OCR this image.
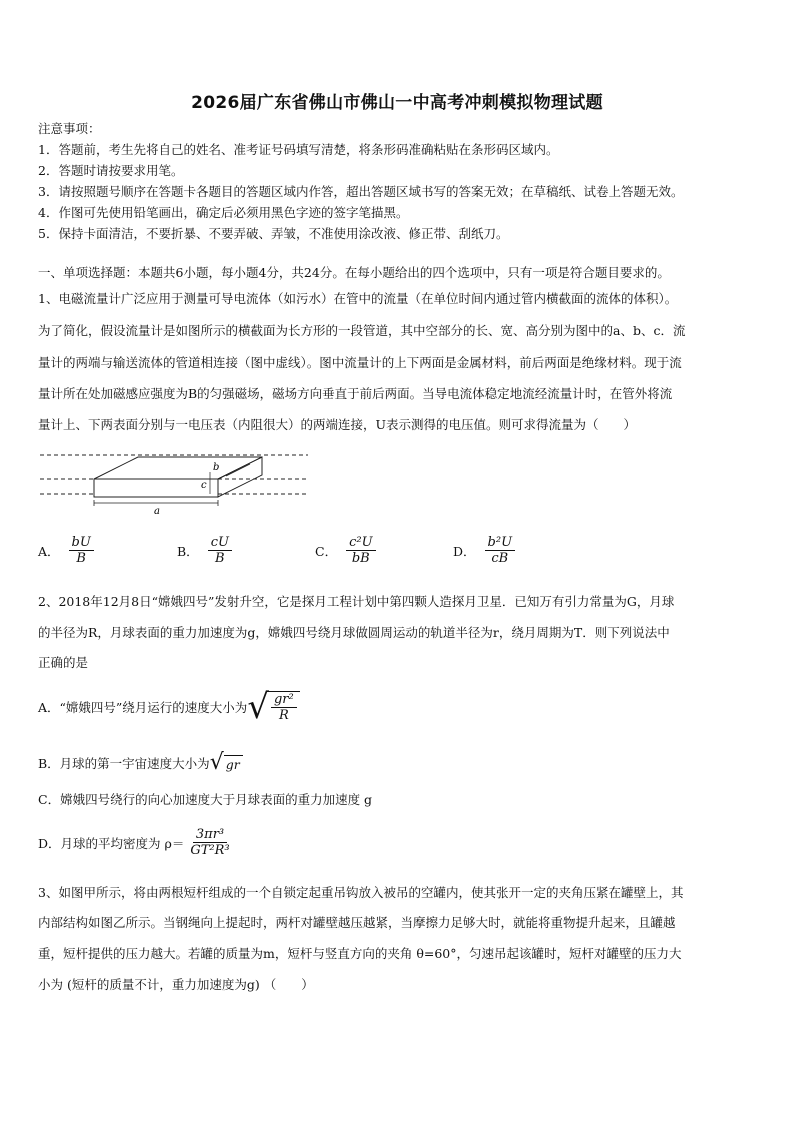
2026届广东省佛山市佛山一中高考冲刺模拟物理试题
注意事项：
1．答题前，考生先将自己的姓名、准考证号码填写清楚，将条形码准确粘贴在条形码区域内。
2．答题时请按要求用笔。
3．请按照题号顺序在答题卡各题目的答题区域内作答，超出答题区域书写的答案无效；在草稿纸、试卷上答题无效。
4．作图可先使用铅笔画出，确定后必须用黑色字迹的签字笔描黑。
5．保持卡面清洁，不要折暴、不要弄破、弄皱，不准使用涂改液、修正带、刮纸刀。
一、单项选择题：本题共6小题，每小题4分，共24分。在每小题给出的四个选项中，只有一项是符合题目要求的。
1、电磁流量计广泛应用于测量可导电流体（如污水）在管中的流量（在单位时间内通过管内横截面的流体的体积）。
为了简化，假设流量计是如图所示的横截面为长方形的一段管道，其中空部分的长、宽、高分别为图中的a、b、c．流
量计的两端与输送流体的管道相连接（图中虚线）。图中流量计的上下两面是金属材料，前后两面是绝缘材料。现于流
量计所在处加磁感应强度为B的匀强磁场，磁场方向垂直于前后两面。当导电流体稳定地流经流量计时，在管外将流
量计上、下两表面分别与一电压表（内阻很大）的两端连接，U表示测得的电压值。则可求得流量为（　　）
a
c
b
A． $\frac{bU}{B}$	B． $\frac{cU}{B}$	C． $\frac{\text{c²U}}{bB}$	D． $\frac{\text{b²U}}{cB}$
2、2018年12月8日“嫦娥四号”发射升空，它是探月工程计划中第四颗人造探月卫星．已知万有引力常量为G，月球
的半径为R，月球表面的重力加速度为g，嫦娥四号绕月球做圆周运动的轨道半径为r，绕月周期为T．则下列说法中
正确的是
A．“嫦娥四号”绕月运行的速度大小为 √ $\frac{\text{gr²}}{R}$
B．月球的第一宇宙速度大小为 √ gr
C．嫦娥四号绕行的向心加速度大于月球表面的重力加速度 g
D．月球的平均密度为 $\rho= \frac{\text{3πr³}}{\text{GT²R³}}$
3、如图甲所示，将由两根短杆组成的一个自锁定起重吊钩放入被吊的空罐内，使其张开一定的夹角压紧在罐壁上，其
内部结构如图乙所示。当钢绳向上提起时，两杆对罐壁越压越紧，当摩擦力足够大时，就能将重物提升起来，且罐越
重，短杆提供的压力越大。若罐的质量为m，短杆与竖直方向的夹角 θ=60°，匀速吊起该罐时，短杆对罐壁的压力大
小为 (短杆的质量不计，重力加速度为g) （　　）
